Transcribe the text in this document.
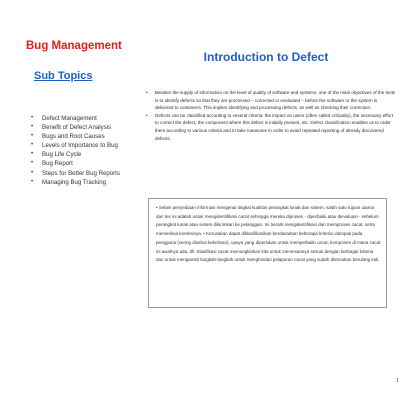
Bug Management
Sub Topics
• Defect Management
• Benefit of Defect Analysis
• Bugs and Root Causes
• Levels of Importance to Bug
• Bug Life Cycle
• Bug Report
• Steps for Better Bug Reports
• Managing Bug Tracking
Introduction to Defect
• Besides the supply of information on the level of quality of software and systems, one of the main objectives of the tests is to identify defects so that they are processed – corrected or evaluated – before the software or the system is delivered to customers. This implies identifying and processing defects, as well as checking their correction.
• Defects can be classified according to several criteria: the impact on users (often called criticality), the necessary effort to correct the defect, the component where this defect is initially present, etc. Defect classification enables us to order them according to various criteria and to take measures in order to avoid repeated reporting of already discovered defects.
• Selain penyediaan informasi mengenai tingkat kualitas perangkat lunak dan sistem, salah satu tujuan utama dari tes ini adalah untuk mengidentifikasi cacat sehingga mereka diproses - diperbaiki atau dievaluasi - sebelum perangkat lunak atau sistem dikirimkan ke pelanggan. Ini berarti mengidentifikasi dan memproses cacat, serta memeriksa koreksinya. • Kerusakan dapat diklasifikasikan berdasarkan beberapa kriteria: dampak pada pengguna (sering disebut kekritisan), upaya yang diperlukan untuk memperbaiki cacat, komponen di mana cacat ini awalnya ada, dll. Klasifikasi cacat memungkinkan kita untuk memesannya sesuai dengan berbagai kriteria dan untuk mengambil langkah-langkah untuk menghindari pelaporan cacat yang sudah ditemukan berulang kali.
1
